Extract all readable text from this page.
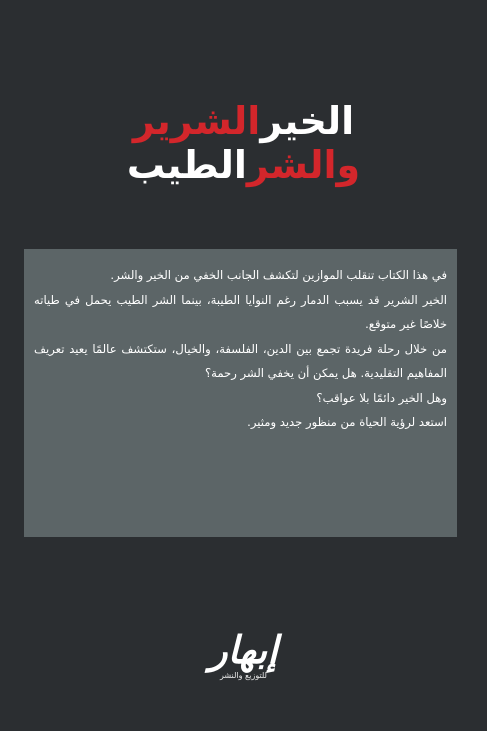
الخيرالشرير
والشرالطيب

في هذا الكتاب تنقلب الموازين لتكشف الجانب الخفي من الخير والشر.

الخير الشرير قد يسبب الدمار رغم النوايا الطيبة، بينما الشر الطيب يحمل في طياته خلاصًا غير متوقع.

من خلال رحلة فريدة تجمع بين الدين، الفلسفة، والخيال، ستكتشف عالمًا يعيد تعريف المفاهيم التقليدية. هل يمكن أن يخفي الشر رحمة؟

وهل الخير دائمًا بلا عواقب؟

استعد لرؤية الحياة من منظور جديد ومثير.

إبهار
للتوزيع والنشر
